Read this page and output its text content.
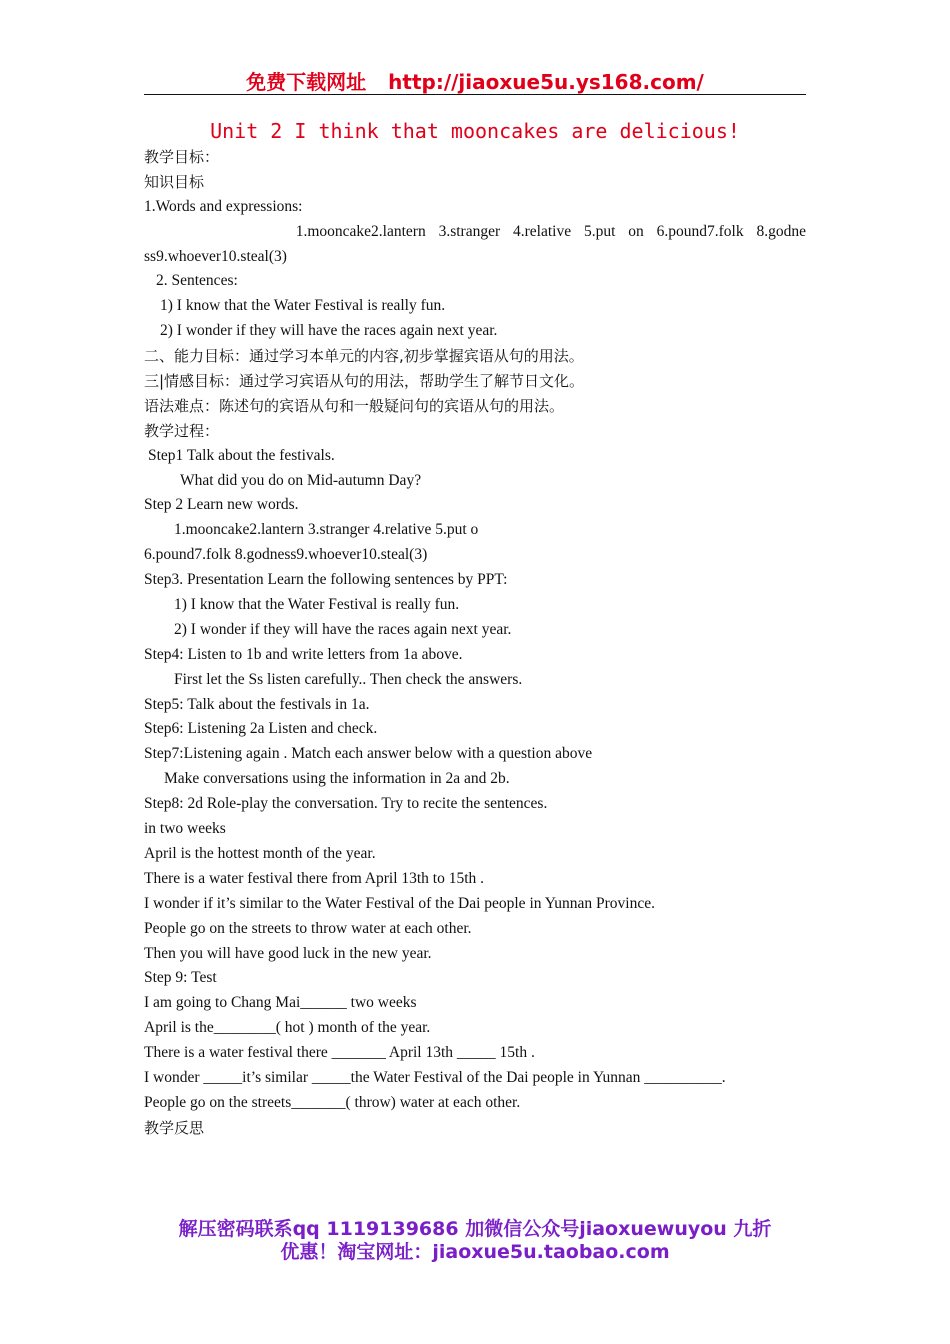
免费下载网址 http://jiaoxue5u.ys168.com/
Unit 2 I think that mooncakes are delicious!
教学目标：
知识目标
1.Words and expressions:
1.mooncake2.lantern 3.stranger 4.relative 5.put on 6.pound7.folk 8.godne
ss9.whoever10.steal(3)
2. Sentences:
1) I know that the Water Festival is really fun.
2) I wonder if they will have the races again next year.
二、能力目标：通过学习本单元的内容,初步掌握宾语从句的用法。
三|情感目标：通过学习宾语从句的用法，帮助学生了解节日文化。
语法难点：陈述句的宾语从句和一般疑问句的宾语从句的用法。
教学过程：
Step1 Talk about the festivals.
What did you do on Mid-autumn Day?
Step 2 Learn new words.
1.mooncake2.lantern 3.stranger 4.relative 5.put o
6.pound7.folk 8.godness9.whoever10.steal(3)
Step3. Presentation Learn the following sentences by PPT:
1) I know that the Water Festival is really fun.
2) I wonder if they will have the races again next year.
Step4: Listen to 1b and write letters from 1a above.
First let the Ss listen carefully.. Then check the answers.
Step5: Talk about the festivals in 1a.
Step6: Listening 2a Listen and check.
Step7:Listening again . Match each answer below with a question above
Make conversations using the information in 2a and 2b.
Step8: 2d Role-play the conversation. Try to recite the sentences.
in two weeks
April is the hottest month of the year.
There is a water festival there from April 13th to 15th .
I wonder if it’s similar to the Water Festival of the Dai people in Yunnan Province.
People go on the streets to throw water at each other.
Then you will have good luck in the new year.
Step 9: Test
I am going to Chang Mai______ two weeks
April is the________( hot ) month of the year.
There is a water festival there _______ April 13th _____ 15th .
I wonder _____it’s similar _____the Water Festival of the Dai people in Yunnan __________.
People go on the streets_______( throw) water at each other.
教学反思
解压密码联系qq 1119139686 加微信公众号jiaoxuewuyou 九折
优惠！淘宝网址：jiaoxue5u.taobao.com
